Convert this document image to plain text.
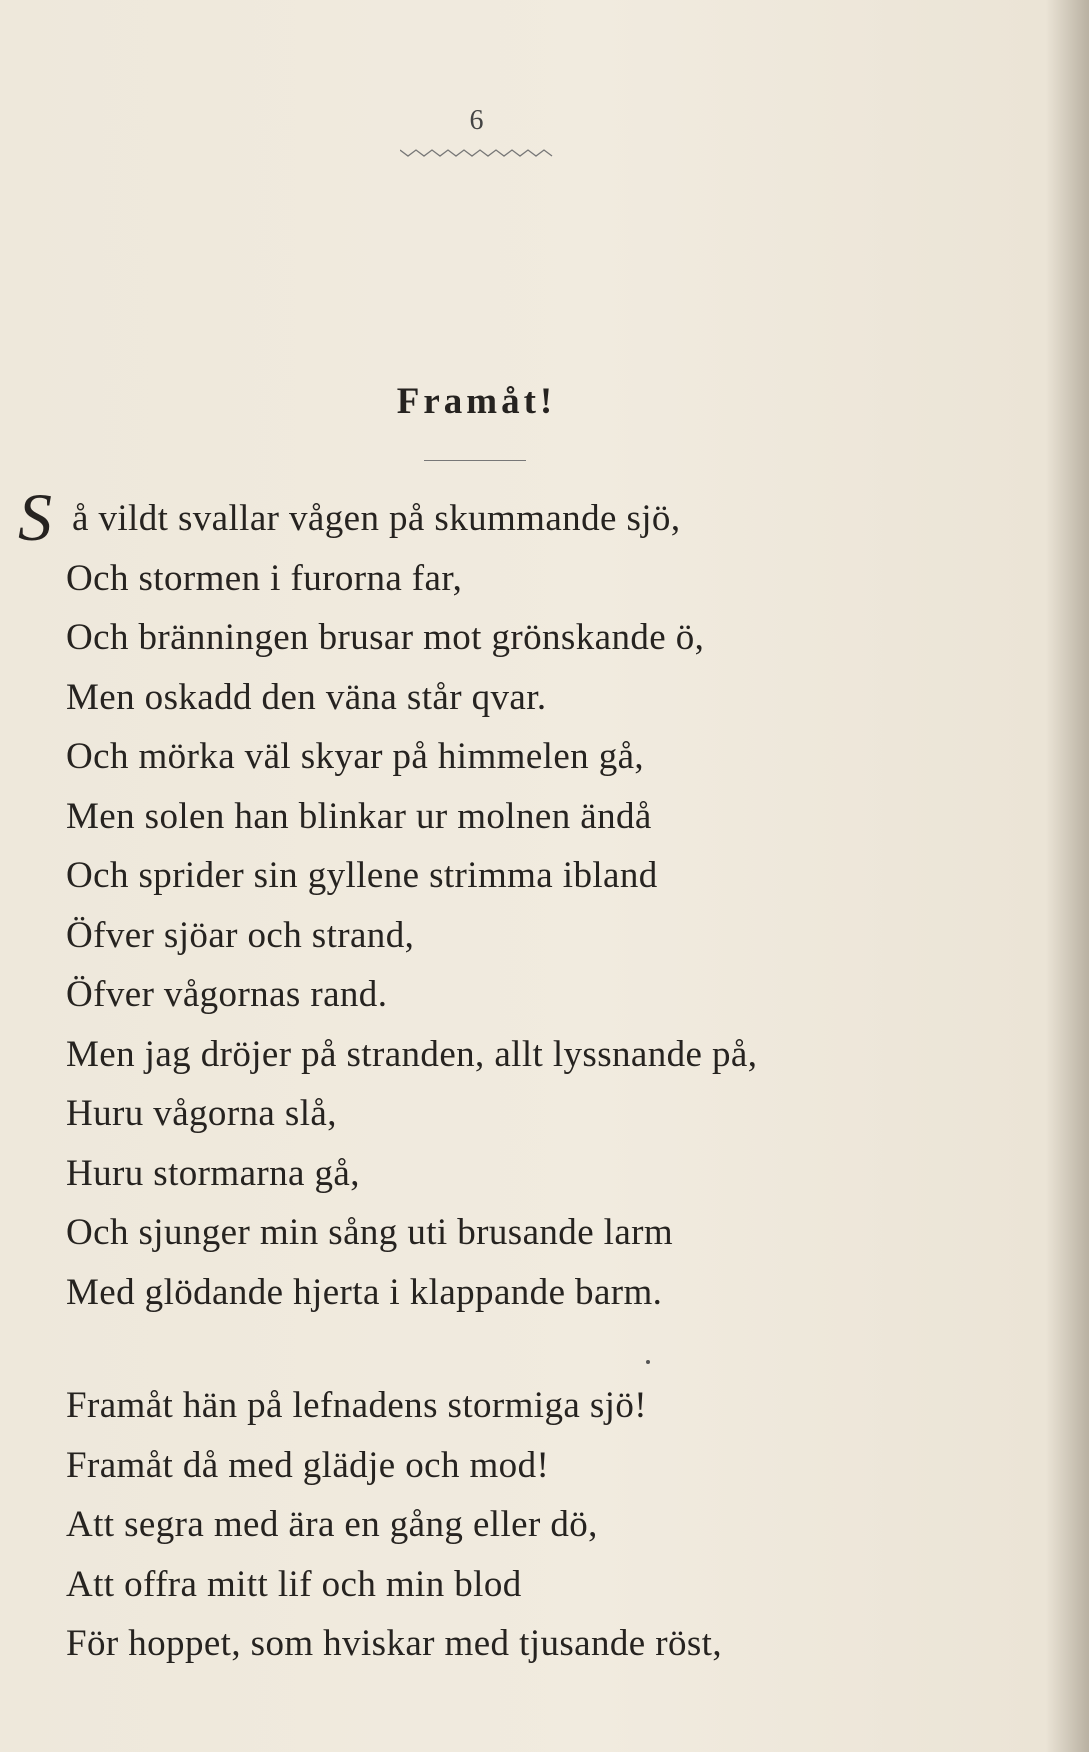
6
Framåt!
Så vildt svallar vågen på skummande sjö,
Och stormen i furorna far,
Och bränningen brusar mot grönskande ö,
Men oskadd den väna står qvar.
Och mörka väl skyar på himmelen gå,
Men solen han blinkar ur molnen ändå
Och sprider sin gyllene strimma ibland
Öfver sjöar och strand,
Öfver vågornas rand.
Men jag dröjer på stranden, allt lyssnande på,
Huru vågorna slå,
Huru stormarna gå,
Och sjunger min sång uti brusande larm
Med glödande hjerta i klappande barm.
Framåt hän på lefnadens stormiga sjö!
Framåt då med glädje och mod!
Att segra med ära en gång eller dö,
Att offra mitt lif och min blod
För hoppet, som hviskar med tjusande röst,
